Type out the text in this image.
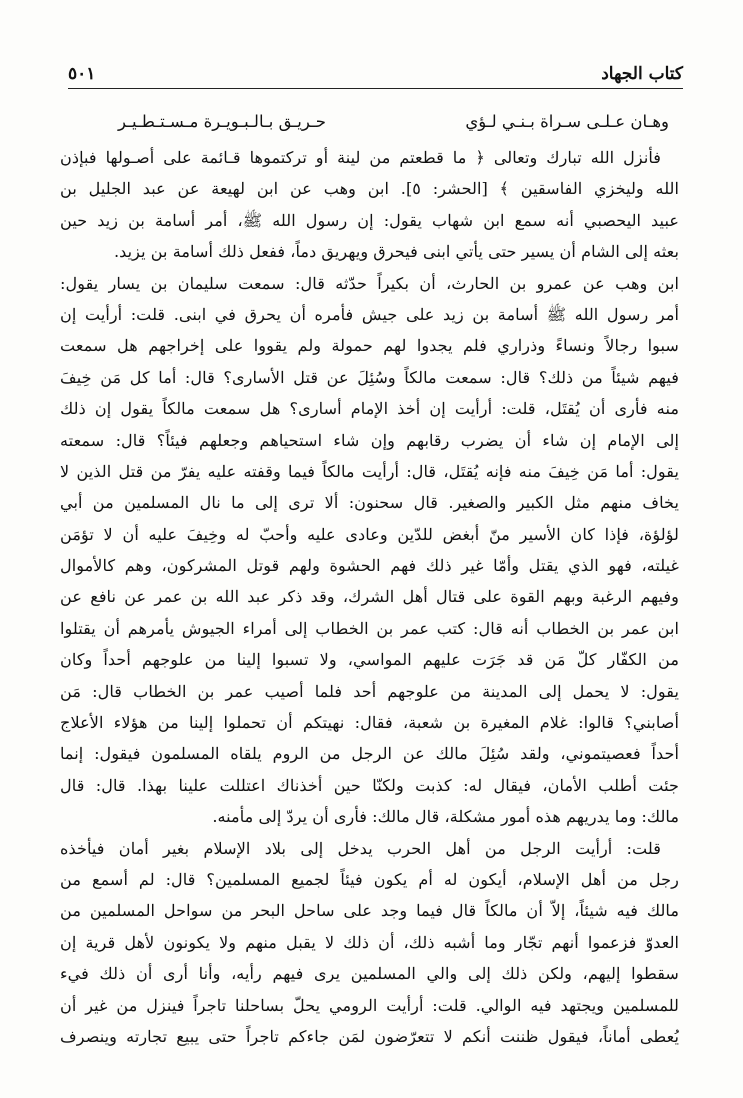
كتاب الجهاد
٥٠١
وهـان عـلـى سـراة بـنـي لـؤي
حـريـق بـالـبـويـرة مـسـتـطـيـر
فأنزل الله تبارك وتعالى ﴿ ما قطعتم من لينة أو تركتموها قـائمة على أصـولها فبإذن
الله وليخزي الفاسقين ﴾ [الحشر: ٥]. ابن وهب عن ابن لهيعة عن عبد الجليل بن
عبيد اليحصبي أنه سمع ابن شهاب يقول: إن رسول الله ﷺ، أمر أسامة بن زيد حين
بعثه إلى الشام أن يسير حتى يأتي ابنى فيحرق ويهريق دماً، ففعل ذلك أسامة بن يزيد.
ابن وهب عن عمرو بن الحارث، أن بكيراً حدّثه قال: سمعت سليمان بن يسار يقول:
أمر رسول الله ﷺ أسامة بن زيد على جيش فأمره أن يحرق في ابنى. قلت: أرأيت إن
سبوا رجالاً ونساءً وذراري فلم يجدوا لهم حمولة ولم يقووا على إخراجهم هل سمعت
فيهم شيئاً من ذلك؟ قال: سمعت مالكاً وسُئِلَ عن قتل الأسارى؟ قال: أما كل مَن خِيفَ
منه فأرى أن يُقتَل، قلت: أرأيت إن أخذ الإمام أسارى؟ هل سمعت مالكاً يقول إن ذلك
إلى الإمام إن شاء أن يضرب رقابهم وإن شاء استحياهم وجعلهم فيئاً؟ قال: سمعته
يقول: أما مَن خِيفَ منه فإنه يُقتَل، قال: أرأيت مالكاً فيما وقفته عليه يفرّ من قتل الذين لا
يخاف منهم مثل الكبير والصغير. قال سحنون: ألا ترى إلى ما نال المسلمين من أبي
لؤلؤة، فإذا كان الأسير منّ أبغض للدّين وعادى عليه وأحبّ له وخِيفَ عليه أن لا تؤمَن
غيلته، فهو الذي يقتل وأمّا غير ذلك فهم الحشوة ولهم قوتل المشركون، وهم كالأموال
وفيهم الرغبة وبهم القوة على قتال أهل الشرك، وقد ذكر عبد الله بن عمر عن نافع عن
ابن عمر بن الخطاب أنه قال: كتب عمر بن الخطاب إلى أمراء الجيوش يأمرهم أن يقتلوا
من الكفّار كلّ مَن قد جَرَت عليهم المواسي، ولا تسبوا إلينا من علوجهم أحداً وكان
يقول: لا يحمل إلى المدينة من علوجهم أحد فلما أصيب عمر بن الخطاب قال: مَن
أصابني؟ قالوا: غلام المغيرة بن شعبة، فقال: نهيتكم أن تحملوا إلينا من هؤلاء الأعلاج
أحداً فعصيتموني، ولقد سُئِلَ مالك عن الرجل من الروم يلقاه المسلمون فيقول: إنما
جئت أطلب الأمان، فيقال له: كذبت ولكنّا حين أخذناك اعتللت علينا بهذا. قال: قال
مالك: وما يدريهم هذه أمور مشكلة، قال مالك: فأرى أن يردّ إلى مأمنه.
قلت: أرأيت الرجل من أهل الحرب يدخل إلى بلاد الإسلام بغير أمان فيأخذه
رجل من أهل الإسلام، أيكون له أم يكون فيئاً لجميع المسلمين؟ قال: لم أسمع من
مالك فيه شيئاً، إلاّ أن مالكاً قال فيما وجد على ساحل البحر من سواحل المسلمين من
العدوّ فزعموا أنهم تجّار وما أشبه ذلك، أن ذلك لا يقبل منهم ولا يكونون لأهل قرية إن
سقطوا إليهم، ولكن ذلك إلى والي المسلمين يرى فيهم رأيه، وأنا أرى أن ذلك فيء
للمسلمين ويجتهد فيه الوالي. قلت: أرأيت الرومي يحلّ بساحلنا تاجراً فينزل من غير أن
يُعطى أماناً، فيقول ظننت أنكم لا تتعرّضون لمَن جاءكم تاجراً حتى يبيع تجارته وينصرف
